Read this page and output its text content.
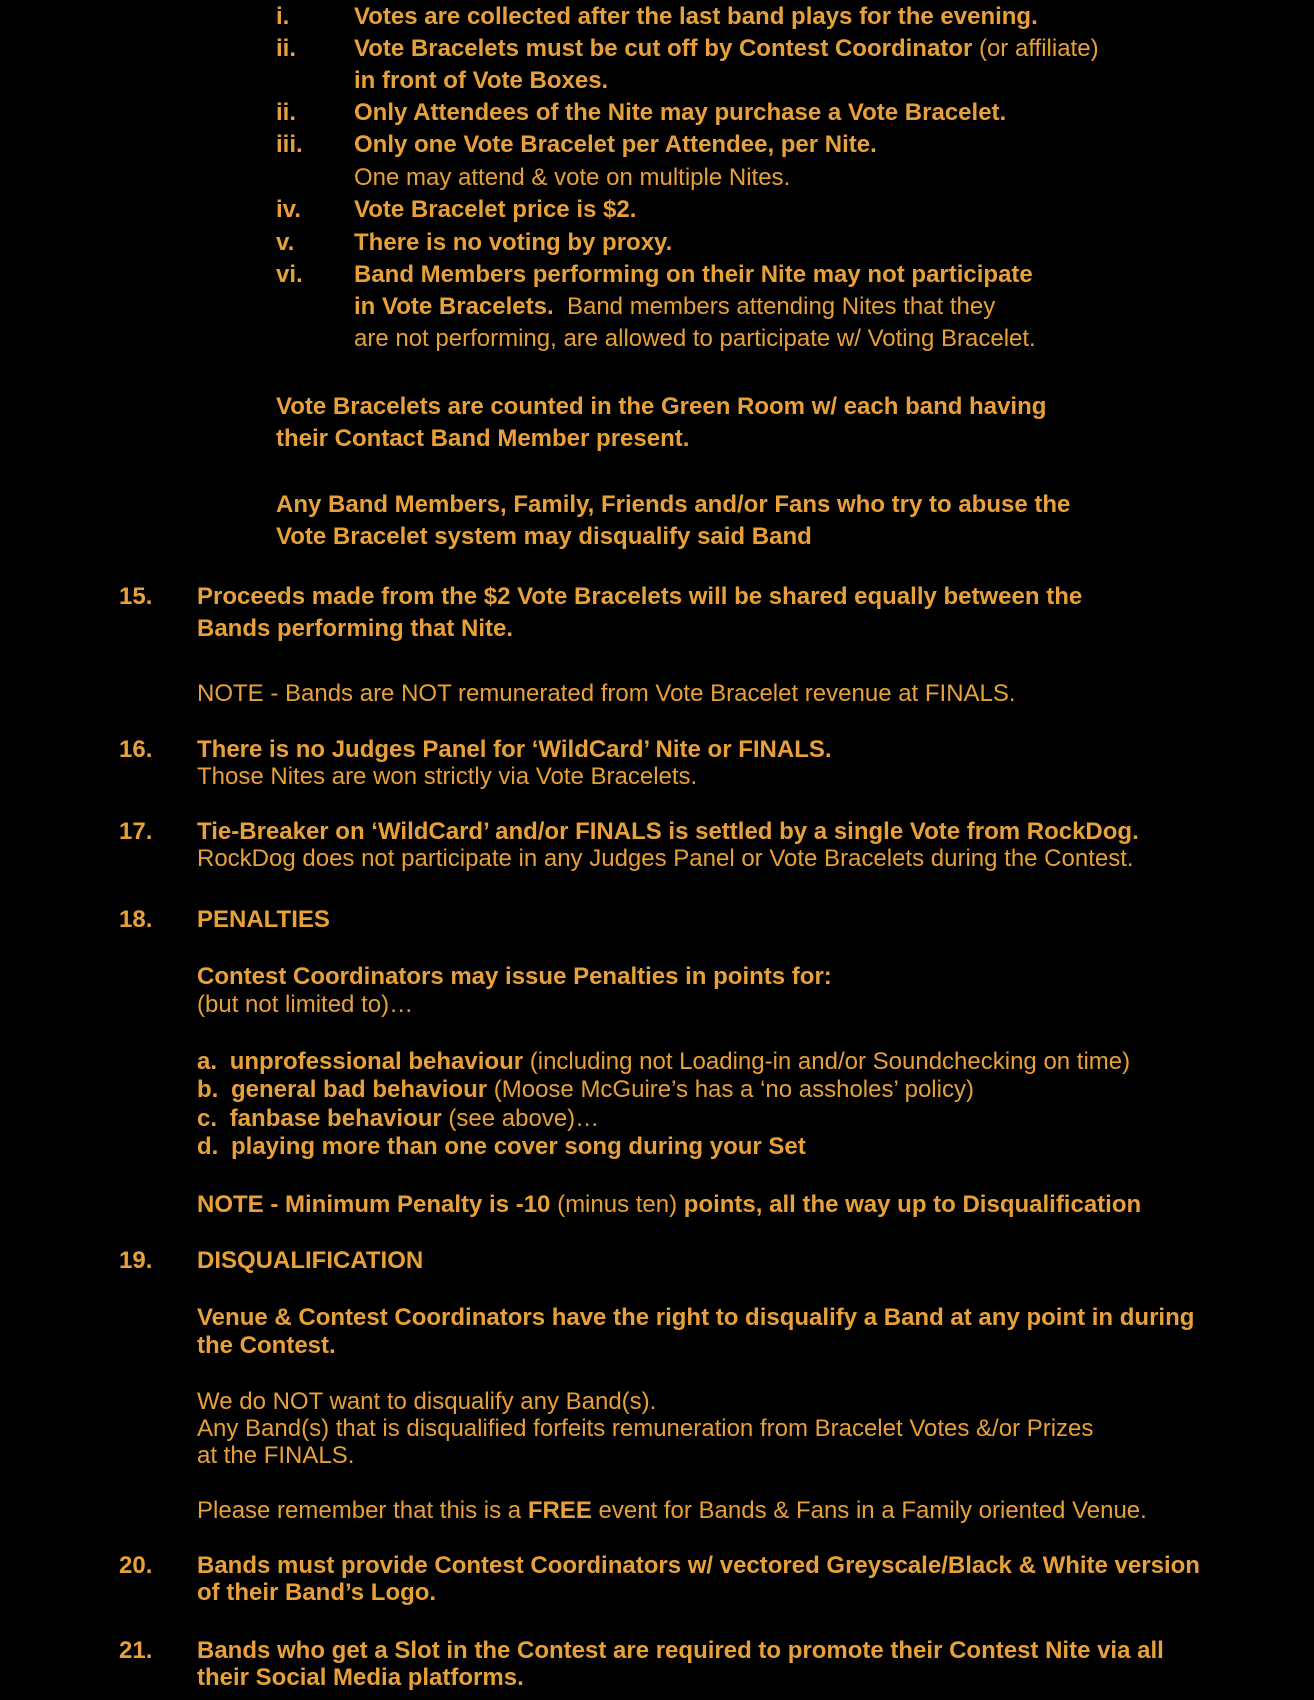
i.	Votes are collected after the last band plays for the evening.
ii. Vote Bracelets must be cut off by Contest Coordinator (or affiliate)
in front of Vote Boxes.
ii. Only Attendees of the Nite may purchase a Vote Bracelet.
iii. Only one Vote Bracelet per Attendee, per Nite.
One may attend & vote on multiple Nites.
iv. Vote Bracelet price is $2.
v. There is no voting by proxy.
vi. Band Members performing on their Nite may not participate
in Vote Bracelets.  Band members attending Nites that they
are not performing, are allowed to participate w/ Voting Bracelet.
Vote Bracelets are counted in the Green Room w/ each band having
their Contact Band Member present.
Any Band Members, Family, Friends and/or Fans who try to abuse the
Vote Bracelet system may disqualify said Band
15. Proceeds made from the $2 Vote Bracelets will be shared equally between the
Bands performing that Nite.
NOTE - Bands are NOT remunerated from Vote Bracelet revenue at FINALS.
16. There is no Judges Panel for ‘WildCard’ Nite or FINALS.
Those Nites are won strictly via Vote Bracelets.
17. Tie-Breaker on ‘WildCard’ and/or FINALS is settled by a single Vote from RockDog.
RockDog does not participate in any Judges Panel or Vote Bracelets during the Contest.
18. PENALTIES
Contest Coordinators may issue Penalties in points for:
(but not limited to)…
a. unprofessional behaviour (including not Loading-in and/or Soundchecking on time)
b. general bad behaviour (Moose McGuire’s has a ‘no assholes’ policy)
c. fanbase behaviour (see above)…
d. playing more than one cover song during your Set
NOTE - Minimum Penalty is -10 (minus ten) points, all the way up to Disqualification
19. DISQUALIFICATION
Venue & Contest Coordinators have the right to disqualify a Band at any point in during
the Contest.
We do NOT want to disqualify any Band(s).
Any Band(s) that is disqualified forfeits remuneration from Bracelet Votes &/or Prizes
at the FINALS.
Please remember that this is a FREE event for Bands & Fans in a Family oriented Venue.
20. Bands must provide Contest Coordinators w/ vectored Greyscale/Black & White version
of their Band’s Logo.
21. Bands who get a Slot in the Contest are required to promote their Contest Nite via all
their Social Media platforms.
